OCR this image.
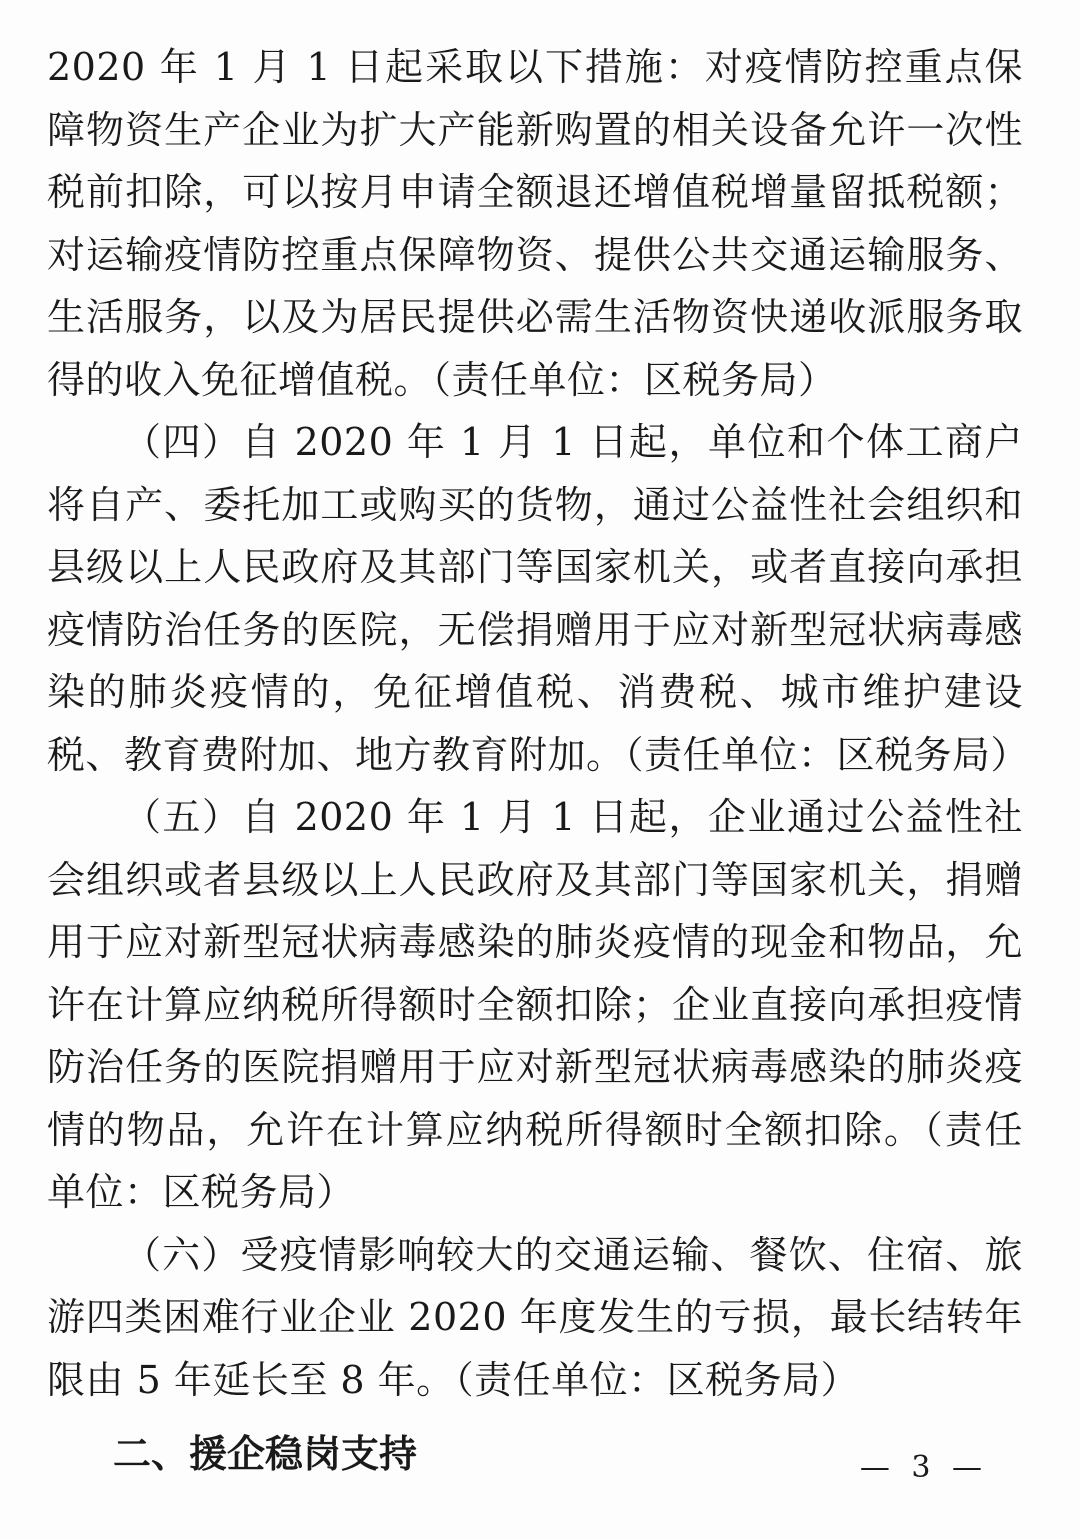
2020 年 1 月 1 日起采取以下措施：对疫情防控重点保障物资生产企业为扩大产能新购置的相关设备允许一次性税前扣除，可以按月申请全额退还增值税增量留抵税额；对运输疫情防控重点保障物资、提供公共交通运输服务、生活服务，以及为居民提供必需生活物资快递收派服务取得的收入免征增值税。（责任单位：区税务局）

（四）自 2020 年 1 月 1 日起，单位和个体工商户将自产、委托加工或购买的货物，通过公益性社会组织和县级以上人民政府及其部门等国家机关，或者直接向承担疫情防治任务的医院，无偿捐赠用于应对新型冠状病毒感染的肺炎疫情的，免征增值税、消费税、城市维护建设税、教育费附加、地方教育附加。（责任单位：区税务局）

（五）自 2020 年 1 月 1 日起，企业通过公益性社会组织或者县级以上人民政府及其部门等国家机关，捐赠用于应对新型冠状病毒感染的肺炎疫情的现金和物品，允许在计算应纳税所得额时全额扣除；企业直接向承担疫情防治任务的医院捐赠用于应对新型冠状病毒感染的肺炎疫情的物品，允许在计算应纳税所得额时全额扣除。（责任单位：区税务局）

（六）受疫情影响较大的交通运输、餐饮、住宿、旅游四类困难行业企业 2020 年度发生的亏损，最长结转年限由 5 年延长至 8 年。（责任单位：区税务局）

二、援企稳岗支持	— 3 —
